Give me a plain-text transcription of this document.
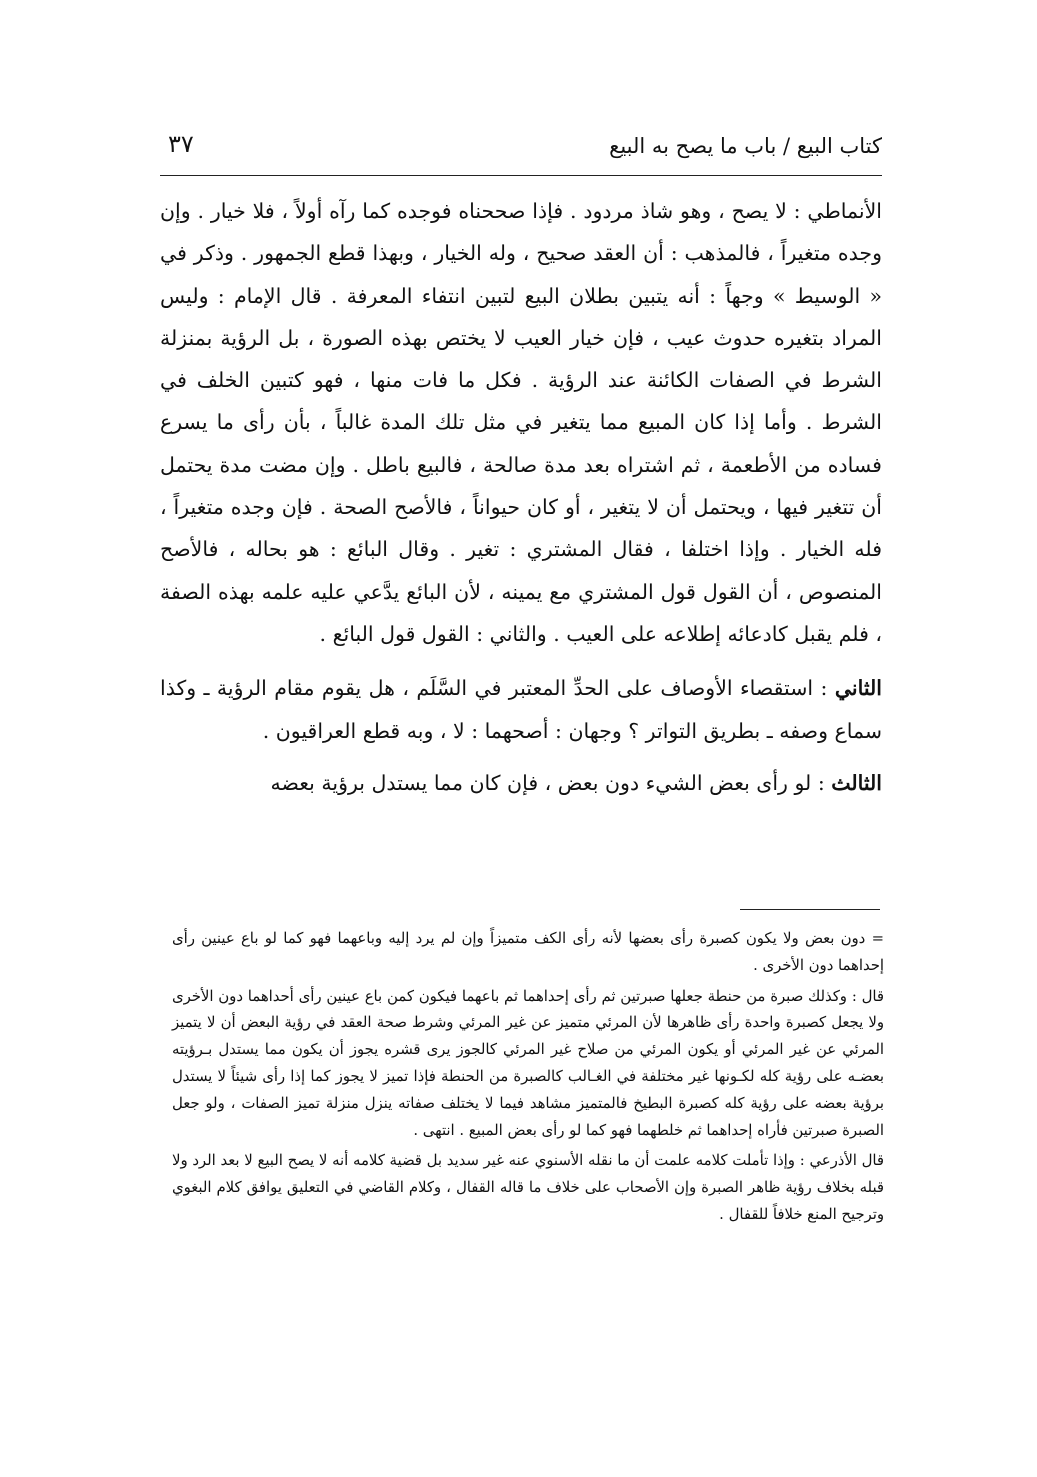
كتاب البيع / باب ما يصح به البيع
٣٧

الأنماطي : لا يصح ، وهو شاذ مردود . فإذا صححناه فوجده كما رآه أولاً ، فلا خيار . وإن وجده متغيراً ، فالمذهب : أن العقد صحيح ، وله الخيار ، وبهذا قطع الجمهور . وذكر في « الوسيط » وجهاً : أنه يتبين بطلان البيع لتبين انتفاء المعرفة . قال الإمام : وليس المراد بتغيره حدوث عيب ، فإن خيار العيب لا يختص بهذه الصورة ، بل الرؤية بمنزلة الشرط في الصفات الكائنة عند الرؤية . فكل ما فات منها ، فهو كتبين الخلف في الشرط . وأما إذا كان المبيع مما يتغير في مثل تلك المدة غالباً ، بأن رأى ما يسرع فساده من الأطعمة ، ثم اشتراه بعد مدة صالحة ، فالبيع باطل . وإن مضت مدة يحتمل أن تتغير فيها ، ويحتمل أن لا يتغير ، أو كان حيواناً ، فالأصح الصحة . فإن وجده متغيراً ، فله الخيار . وإذا اختلفا ، فقال المشتري : تغير . وقال البائع : هو بحاله ، فالأصح المنصوص ، أن القول قول المشتري مع يمينه ، لأن البائع يدَّعي عليه علمه بهذه الصفة ، فلم يقبل كادعائه إطلاعه على العيب . والثاني : القول قول البائع .

الثاني : استقصاء الأوصاف على الحدِّ المعتبر في السَّلَم ، هل يقوم مقام الرؤية ـ وكذا سماع وصفه ـ بطريق التواتر ؟ وجهان : أصحهما : لا ، وبه قطع العراقيون .

الثالث : لو رأى بعض الشيء دون بعض ، فإن كان مما يستدل برؤية بعضه

= دون بعض ولا يكون كصبرة رأى بعضها لأنه رأى الكف متميزاً وإن لم يرد إليه وباعهما فهو كما لو باع عينين رأى إحداهما دون الأخرى .

قال : وكذلك صبرة من حنطة جعلها صبرتين ثم رأى إحداهما ثم باعهما فيكون كمن باع عينين رأى أحداهما دون الأخرى ولا يجعل كصبرة واحدة رأى ظاهرها لأن المرئي متميز عن غير المرئي وشرط صحة العقد في رؤية البعض أن لا يتميز المرئي عن غير المرئي أو يكون المرئي من صلاح غير المرئي كالجوز يرى قشره يجوز أن يكون مما يستدل بـرؤيته بعضـه على رؤية كله لكـونها غير مختلفة في الغـالب كالصبرة من الحنطة فإذا تميز لا يجوز كما إذا رأى شيئاً لا يستدل برؤية بعضه على رؤية كله كصبرة البطيخ فالمتميز مشاهد فيما لا يختلف صفاته ينزل منزلة تميز الصفات ، ولو جعل الصبرة صبرتين فأراه إحداهما ثم خلطهما فهو كما لو رأى بعض المبيع . انتهى .

قال الأذرعي : وإذا تأملت كلامه علمت أن ما نقله الأسنوي عنه غير سديد بل قضية كلامه أنه لا يصح البيع لا بعد الرد ولا قبله بخلاف رؤية ظاهر الصبرة وإن الأصحاب على خلاف ما قاله القفال ، وكلام القاضي في التعليق يوافق كلام البغوي وترجيح المنع خلافاً للقفال .
